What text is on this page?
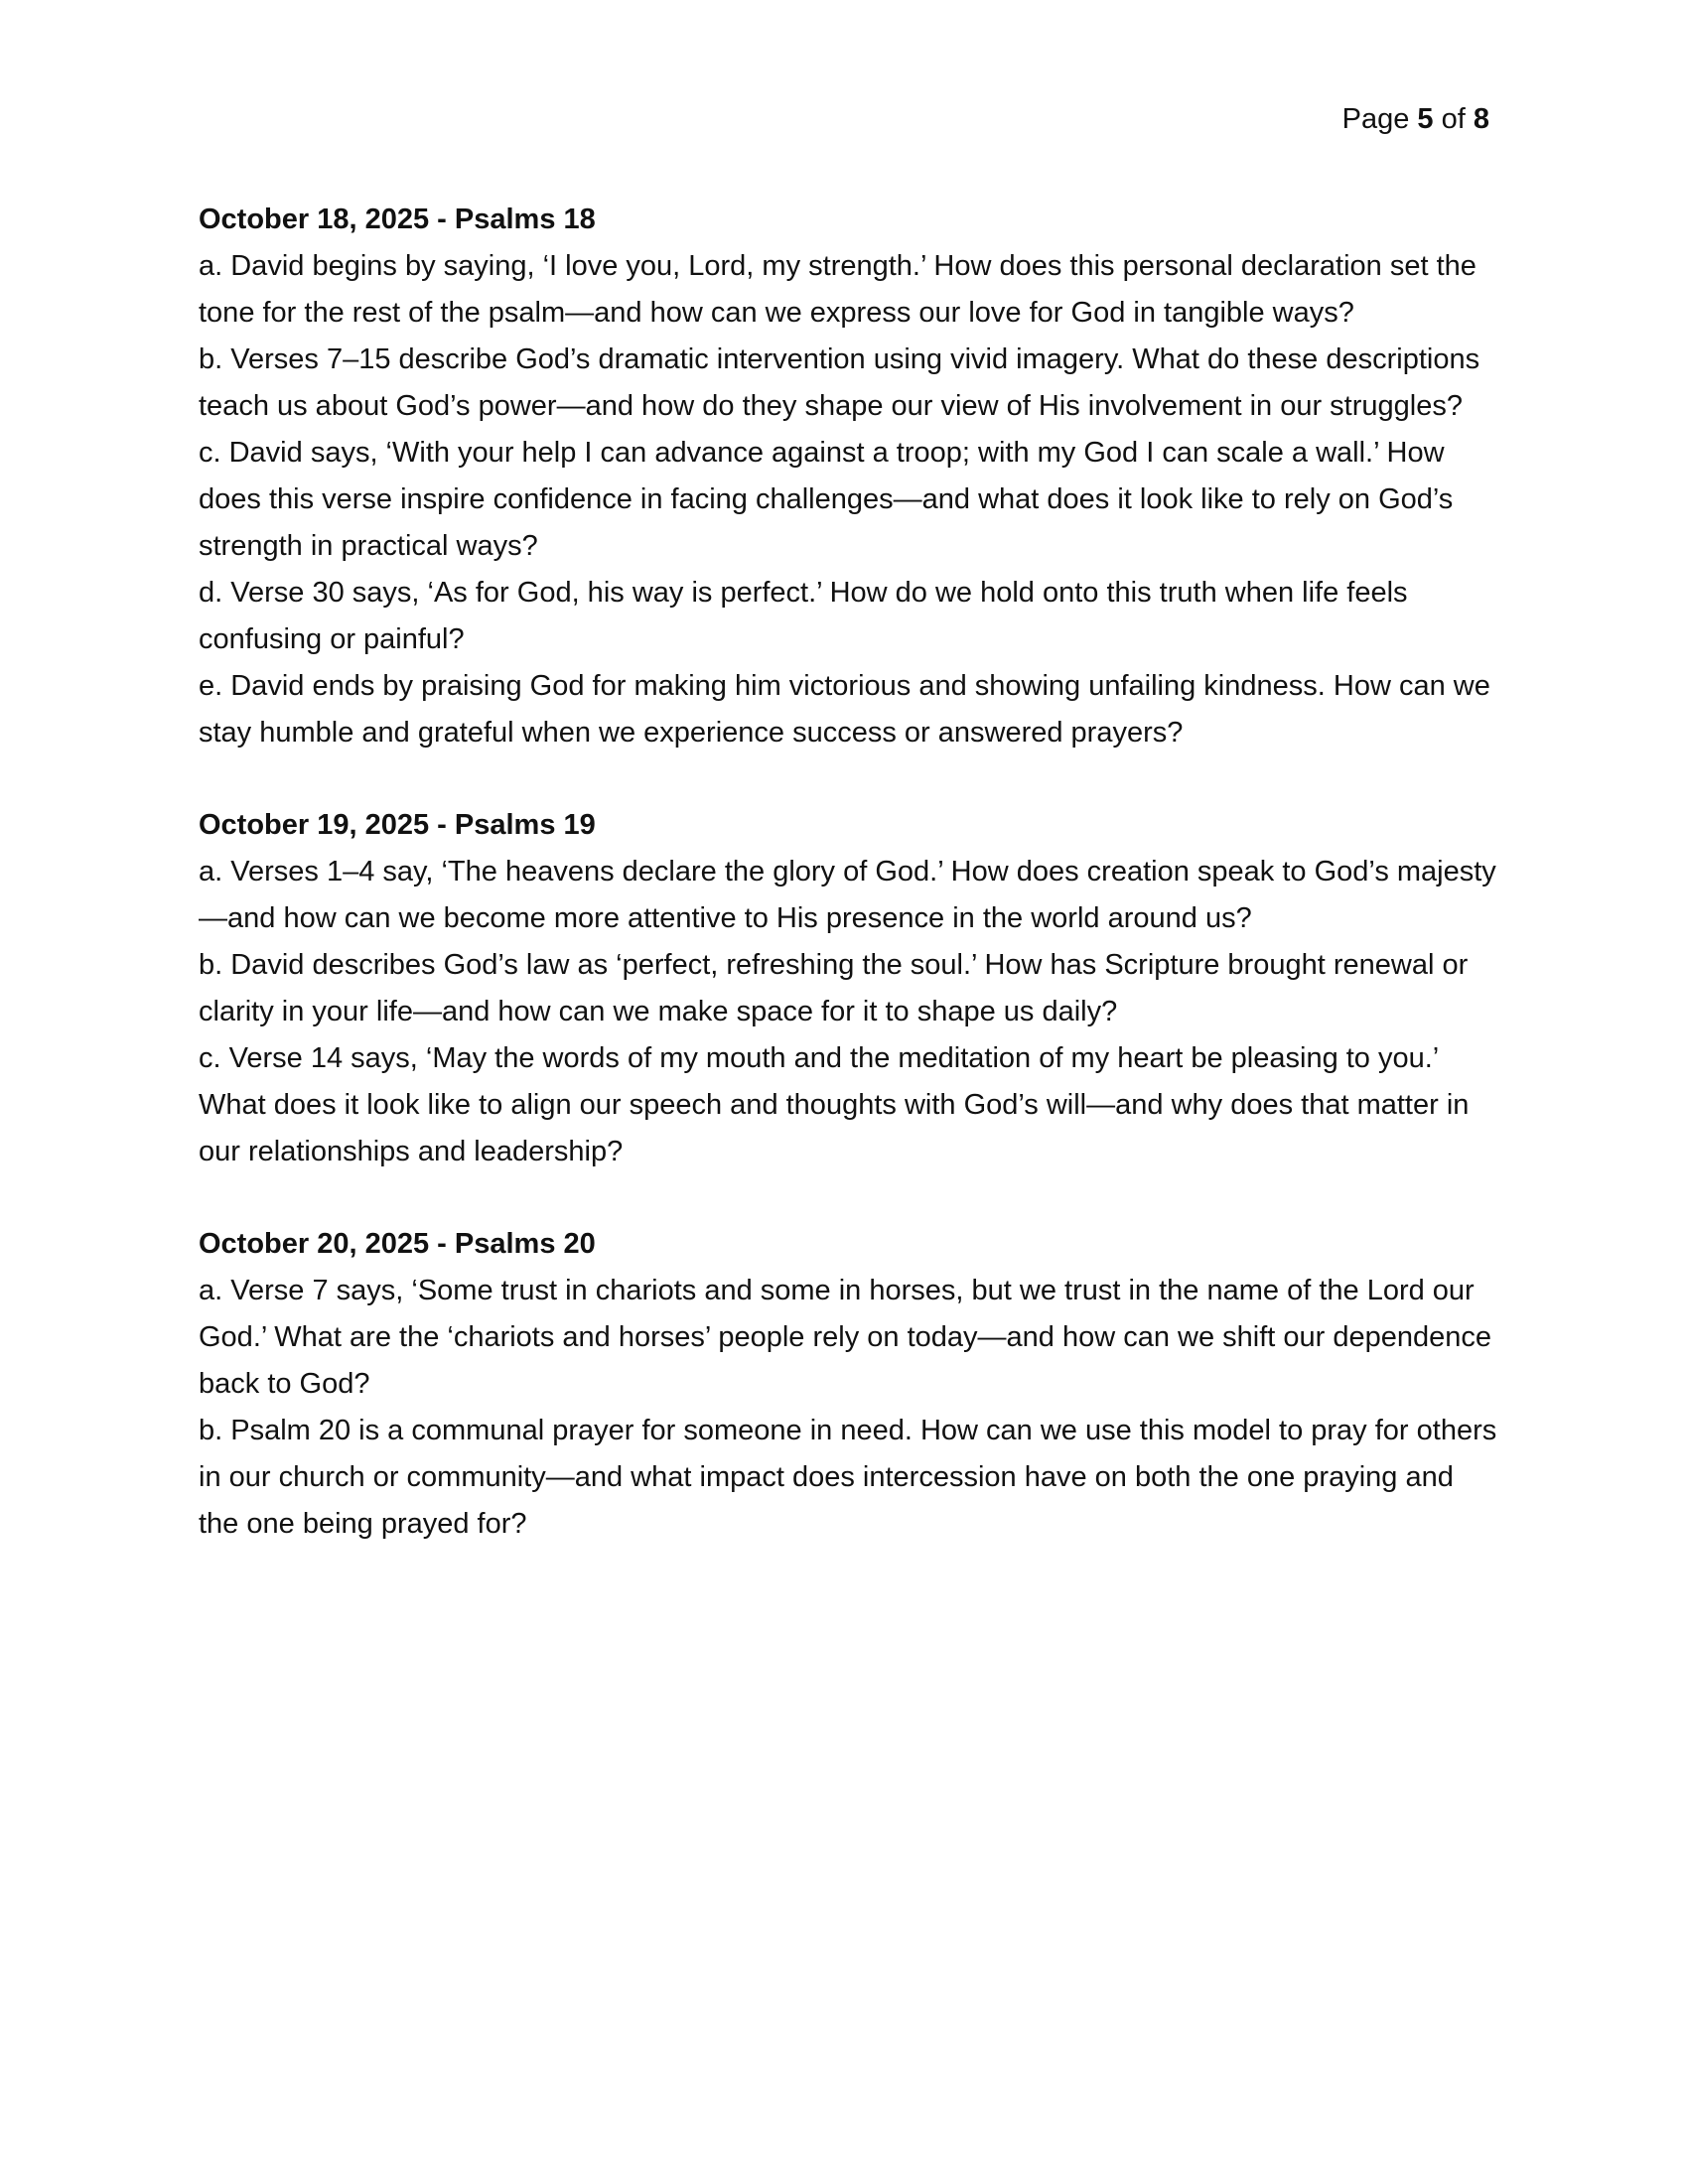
Page 5 of 8

October 18, 2025 - Psalms 18

a. David begins by saying, ‘I love you, Lord, my strength.’ How does this personal declaration set the tone for the rest of the psalm—and how can we express our love for God in tangible ways?

b. Verses 7–15 describe God’s dramatic intervention using vivid imagery. What do these descriptions teach us about God’s power—and how do they shape our view of His involvement in our struggles?

c. David says, ‘With your help I can advance against a troop; with my God I can scale a wall.’ How does this verse inspire confidence in facing challenges—and what does it look like to rely on God’s strength in practical ways?

d. Verse 30 says, ‘As for God, his way is perfect.’ How do we hold onto this truth when life feels confusing or painful?

e. David ends by praising God for making him victorious and showing unfailing kindness. How can we stay humble and grateful when we experience success or answered prayers?

October 19, 2025 - Psalms 19

a. Verses 1–4 say, ‘The heavens declare the glory of God.’ How does creation speak to God’s majesty—and how can we become more attentive to His presence in the world around us?

b. David describes God’s law as ‘perfect, refreshing the soul.’ How has Scripture brought renewal or clarity in your life—and how can we make space for it to shape us daily?

c. Verse 14 says, ‘May the words of my mouth and the meditation of my heart be pleasing to you.’ What does it look like to align our speech and thoughts with God’s will—and why does that matter in our relationships and leadership?

October 20, 2025 - Psalms 20

a. Verse 7 says, ‘Some trust in chariots and some in horses, but we trust in the name of the Lord our God.’ What are the ‘chariots and horses’ people rely on today—and how can we shift our dependence back to God?

b. Psalm 20 is a communal prayer for someone in need. How can we use this model to pray for others in our church or community—and what impact does intercession have on both the one praying and the one being prayed for?
